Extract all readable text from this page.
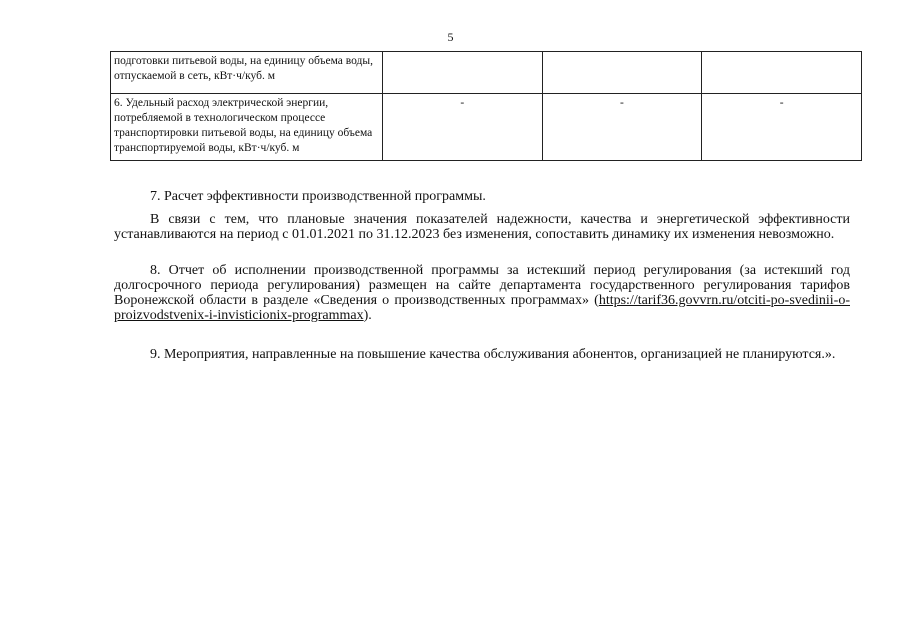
5
подготовки питьевой воды, на единицу объема воды, отпускаемой в сеть, кВт·ч/куб. м			
6. Удельный расход электрической энергии, потребляемой в технологическом процессе транспортировки питьевой воды, на единицу объема транспортируемой воды, кВт·ч/куб. м	-	-	-

7. Расчет эффективности производственной программы.

В связи с тем, что плановые значения показателей надежности, качества и энергетической эффективности устанавливаются на период с 01.01.2021 по 31.12.2023 без изменения, сопоставить динамику их изменения невозможно.

8. Отчет об исполнении производственной программы за истекший период регулирования (за истекший год долгосрочного периода регулирования) размещен на сайте департамента государственного регулирования тарифов Воронежской области в разделе «Сведения о производственных программах» (https://tarif36.govvrn.ru/otciti-po-svedinii-o-proizvodstvenix-i-invisticionix-programmax).

9. Мероприятия, направленные на повышение качества обслуживания абонентов, организацией не планируются.».
